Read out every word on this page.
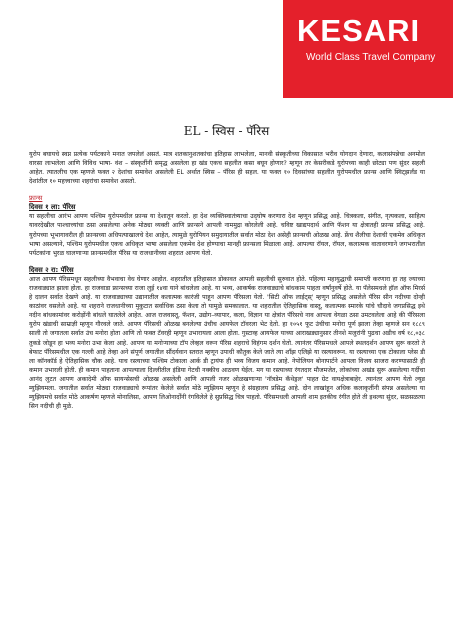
KESARI
World Class Travel Company
EL - स्विस - पॅरिस

युरोप बघायचे स्वप्न प्रत्येक पर्यटकाने मनात जपलेलं असतं. मात्र शतकानुशतकांचा इतिहास लाभलेला, मानवी संस्कृतीच्या विकासात भरीव योगदान देणारा, कलासंपन्नेचा अनमोल वारसा लाभलेला आणि विविध भाषा- वंश – संस्कृतींनी समृद्ध असलेला हा खंड एकच सहलीत कसा बघून होणार? म्हणून तर केसरीकडे युरोपच्या काही छोट्या पण सुंदर सहली आहेत. त्यातलीच एक म्हणजे फक्त २ देशांचा समावेश असलेली EL अर्थात स्विस – पॅरिस ही सहल. या फक्त १० दिवसांच्या सहलीत युरोपमधील फ्रान्स आणि स्विट्झर्लंड या देशांतील १० महत्त्वाच्या शहरांचा समावेश असतो.

फ्रान्स
दिवस १ ला: पॅरिस

या सहलीचा आरंभ आपण पश्चिम युरोपमधील फ्रान्स या देशातून करतो. हा देश व्यक्तिस्वातंत्र्याचा उद्‌घोष करणारा देश म्हणून प्रसिद्ध आहे. चित्रकला, संगीत, नृत्यकला, साहित्य यावरदेखील पाश्चात्त्यांचा ठसा असलेल्या अनेक मोठ्या व्यक्ती आणि फ्रान्सने आपली नाममुद्रा कोरलेली आहे. चविष्ट खाद्यपदार्थ आणि फॅशन या क्षेत्रातही फ्रान्स प्रसिद्ध आहे. युरोपच्या भूभागावरील ही फ्रान्सच्या अधिपत्याखालचे देश आहेत, त्यामुळे युरोपियन समुदायातील सर्वात मोठा देश असेही फ्रान्सची ओळख आहे. फ्रेंच शैलीचा देशाची एकमेव अधिकृत भाषा असल्याने, पश्चिम युरोपमधील एकच अधिकृत भाषा असलेला एकमेव देश होण्याचा मानही फ्रान्सला मिळाला आहे. आपल्या रॉयल, रॉयल, कलात्मक वातावरणाने जगभरातील पर्यटकांना भुरळ घालणाऱ्या फ्रान्समधील पॅरिस या राजधानीच्या शहरात आपण येतो.

दिवस २ रा: पॅरिस

आज आपण पॅरिसमधून सहलीच्या वैभवाचा वेध घेणार आहोत. शहरातील इतिहासात डोकावत आपली सहलीची सुरुवात होते. पहिल्या महायुद्धाची समाप्ती करणारा हा तह ज्याच्या राजवाड्यात झाला होता. हा राजवाडा फ्रान्सच्या राजा लुई १४वा याने बांधलेला आहे. या भव्य, आकर्षक राजवाड्याचे बांधकाम पाहता वर्षांनुवर्षे होते. या पॅलेसमधले हॉल ऑफ मिरर्स हे दालन सर्वात देखणे आहे. या राजवाड्याच्या उद्यानातील कलात्मक कारंजी पाहून आपण पॅरिसला येतो. 'सिटी ऑफ लाईट्स्‌' म्हणून प्रसिद्ध असलेले पॅरिस सीन नदीच्या दोन्ही काठांवर वसलेले आहे. या शहराने राजधानीच्या मुकुटात सर्वाधिक ठसा केला तो यामुळे समकालात. या शहरातील ऐतिहासिक वास्तू, कलात्मक स्मारके यांचे चौदावे जगप्रसिद्ध इथे नदीन बांधकामांवर करोड़ोंनी बांधले घातलेले आहेत. आज राजवास्तू, फॅशन, उद्योग–व्यापार, कला, विज्ञान या क्षेत्रांत पॅरिसचे नाव आपला वेगळा ठसा उमटवलेला आहे की पॅरिसला युरोप खंडाची साम्राज्ञी म्हणून गौरवले जाते. आपण पॅरिसची ओळख बनलेल्या उंचीच आयफेल टॉवरला भेट देतो. हा १०५१ फूट उंचीचा मनोरा पूर्ण झाला तेव्हा म्हणजे सन १८८९ साली तो जगातला सर्वात उंच मनोरा होता आणि तो फक्त टॅवरही म्हणून उभारायला आला होता. गुस्टाव्ह आयफेल याच्या आराखड्यानुसार तीनशे मजुरांनी पुढचा अडीच वर्ष १८,०३८ तुकडे जोडून हा भव्य मनोरा उभा केला आहे. आपण या मनोऱ्याच्या टॉप लेव्हल वरून पॅरिस शहराचे विहंगम दर्शन घेतो. त्यानंतर पॅरिसमधले आपले स्थलदर्शन आपण सुरू करतो ते बेफाट पॅरिसमधील एक गल्ली आहे तेव्हा अने संपूर्ण जगातील सौंदर्यवान स्तरात म्हणून उपाधी कौतुक केले जाते त्या शॉंझ एलिझे या रस्त्यावरून. या रस्त्याच्या एक टोकाला प्लेस डी ला कॉनकॉर्ड हे ऐतिहासिक चौक आहे. याच रस्त्याच्या पश्चिम टोकाला आर्क डी ट्रायंफ ही भव्य विजय कमान आहे. नेपोलियन बोनापार्टने आपला विजय साजरा करण्यासाठी ही कमान उभारली होती. ही कमान पाहताना आपल्याला दिल्लीतील इंडिया गेटची नक्कीच आठवण येईल. मग या रस्त्याच्या रंगतदार मौजमजेत, लोकांच्या अखंड सुरू असलेल्या गर्दीचा आनंद लुटत आपण अकादेमी ऑफ सायन्सेसची ओळख असलेली आणि आपली नजर ओळखणाऱ्या 'नॉत्रडेम कॅथेड्रल' पाहत ग्रेट वायक्षेत्राबाहेर. त्यानंतर आपण येतो ल्युव्र म्युझियमला. जगातील सर्वात मोठ्या राजवाड्याचे रूपांतर केलेले सर्वात मोठे म्युझियम म्हणून हे संग्रहालय प्रसिद्ध आहे. दोन लाखांहून अधिक कलाकृतींनी संपन्न असलेल्या या म्युझियमचे सर्वात मोठे आकर्षण म्हणजे मोनालिसा, आपण लिओनार्दोंनी रंगविलेले हे सुप्रसिद्ध चित्र पाहतो. पॅरिसमधली आपली शाम इतकीच रंगीत होते ती इथल्या सुंदर, सळसळत्या सिन नदीची ही मुळे.
